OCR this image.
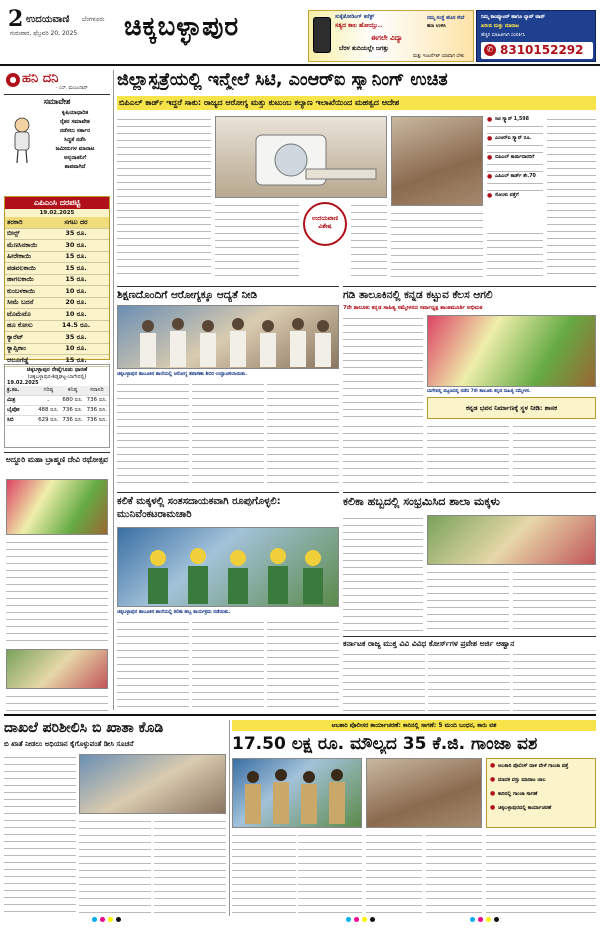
2 ಉದಯವಾಣಿ ಬೆಂಗಳೂರು
ಗುರುವಾರ, ಫೆಬ್ರವರಿ 20, 2025 ಚಿಕ್ಕಬಳ್ಳಾಪುರ	ಸುಕ್ಕೆತೋಡಿಂಗ್ ಕನೆಕ್ಟ್
ಸತ್ಯದ ಕಾಲ ಹೋಯ್ತು..
ಈಗಲೇ ವಿದ್ಯಾ
ಬೆರಳ ತುದಿಯಲ್ಲೇ ಜಗತ್ತು
ಮತ್ತು ಇಂಟರ್ನೆಟ್ ಯಾವಾಗ ಬೇಕು
ನಮ್ಮ ಸಂಸ್ಥೆ ಹೊಸ ಸೇವೆ
ಹಣ ಉಳಿಸಿ
ನಿಮ್ಮ ಕಾಂಪ್ಯೂಟರ್ ಹಾಗೂ ಲ್ಯಾಪ್ ಟಾಪ್
ಖರೀದಿ ಮತ್ತು ಮಾರಾಟ
ಹೆಚ್ಚಿನ ಮಾಹಿತಿಗಾಗಿ ಸಂಪರ್ಕಿಸಿ
✆ 8310152292
ಹನಿ ದನಿ
- ಎಸ್. ಮಂಜುನಾಥ್
ಸಮಾವೇಶ
ಕೃಷಿಯಾಧಾರಿತ
ರೈತರ ಸಮಾವೇಶ
ನಡೆಸಲು ಸರ್ಕಾರ
ಸಿದ್ಧತೆ ನಡೆಸಿ
ಜಮೀನುಗಳ ಮಾರಾಟ
ಅನ್ನದಾತನಿಗೆ
ಶಾಪವಾಗಿದೆ
ಎಪಿಎಂಸಿ ದರಪಟ್ಟಿ
19.02.2025
ತರಕಾರಿ	ಸಗಟು ದರ
ಬೀನ್ಸ್	35 ರೂ.
ಮೆಣಸಿನಕಾಯಿ	30 ರೂ.
ಹೀರೇಕಾಯಿ	15 ರೂ.
ಪಡವಲಕಾಯಿ	15 ರೂ.
ಹಾಗಲಕಾಯಿ	15 ರೂ.
ಕುಂಬಳಕಾಯಿ	10 ರೂ.
ಸೀಮೆ ಬದನೆ	20 ರೂ.
ಟೊಮೆಟೊ	10 ರೂ.
ಹೂ ಕೋಸು	14.5 ರೂ.
ಕ್ಯಾರೆಟ್	35 ರೂ.
ಕ್ಯಾಪ್ಸಿಕಾಂ	10 ರೂ.
ಆಲೂಗೆಡ್ಡೆ	15 ರೂ.
ಚಿಕ್ಕಬಳ್ಳಾಪುರ ರೇಷ್ಮೆಗೂಡು ಧಾರಣೆ
(ಚಿಕ್ಕಬಳ್ಳಾಪುರ-ಶಿಡ್ಲಘಟ್ಟ-ಬಾಗೇಪಲ್ಲಿ)
19.02.2025
ಕ್ರ.ಸಂ.	ಗರಿಷ್ಠ	ಕನಿಷ್ಠ	ಸರಾಸರಿ
ಮಿಶ್ರ	-	680 ರೂ. 736 ರೂ.
ಬೈವೋ	488 ರೂ. 736 ರೂ. 736 ರೂ.
ಸಿಬಿ	629 ರೂ. 736 ರೂ. 736 ರೂ.
ಅದ್ದೂರಿ ಮಹಾ ಬ್ರಾಹ್ಮಣಿ ದೇವಿ ರಥೋತ್ಸವ
ಜಿಲ್ಲಾಸ್ಪತ್ರೆಯಲ್ಲಿ ಇನ್ಮೇಲೆ ಸಿಟಿ, ಎಂಆರ್‌ಐ ಸ್ಕ್ಯಾನಿಂಗ್ ಉಚಿತ
ಬಿಪಿಎಲ್ ಕಾರ್ಡ್ ಇದ್ದರೆ ಸಾಕು: ರಾಜ್ಯದ ಆರೋಗ್ಯ ಮತ್ತು ಕುಟುಂಬ ಕಲ್ಯಾಣ ಇಲಾಖೆಯಿಂದ ಮಹತ್ವದ ಆದೇಶ
ಉದಯವಾಣಿ ವಿಶೇಷ
● ಸಿಟಿ ಸ್ಕ್ಯಾನ್ 1,598
● ಎಂಆರ್‌ಐ ಸ್ಕ್ಯಾನ್ ರೂ.
● ಬಿಪಿಎಲ್ ಕಾರ್ಡುದಾರರಿಗೆ
● ಎಪಿಎಲ್ ಕಾರ್ಡ್ ಶೇ.70
● ಸೋಂಕು ಪತ್ತೆಗೆ
ಶಿಕ್ಷಣದೊಂದಿಗೆ ಆರೋಗ್ಯಕ್ಕೂ ಆದ್ಯತೆ ನೀಡಿ
ಚಿಕ್ಕಬಳ್ಳಾಪುರ ತಾಲೂಕಿನ ಶಾಲೆಯಲ್ಲಿ ಆರೋಗ್ಯ ತಪಾಸಣಾ ಶಿಬಿರ ಉದ್ಘಾಟಿಸಲಾಯಿತು.
ಗಡಿ ತಾಲೂಕಿನಲ್ಲಿ ಕನ್ನಡ ಕಟ್ಟುವ ಕೆಲಸ ಆಗಲಿ
7ನೇ ತಾಲೂಕು ಕನ್ನಡ ಸಾಹಿತ್ಯ ಸಮ್ಮೇಳನದ ಸರ್ವಾಧ್ಯಕ್ಷ ಶಾಂತಮೂರ್ತಿ ಅಭಿಮತ
ಬಾಗೇಪಲ್ಲಿ ಪಟ್ಟಣದಲ್ಲಿ ನಡೆದ 7ನೇ ತಾಲೂಕು ಕನ್ನಡ ಸಾಹಿತ್ಯ ಸಮ್ಮೇಳನ.
ಕನ್ನಡ ಭವನ ನಿರ್ಮಾಣಕ್ಕೆ ಸ್ಥಳ ನೀಡಿ: ಶಾಸಕ
ಕಲಿಕೆ ಮಕ್ಕಳಲ್ಲಿ ಸಂತಸದಾಯಕವಾಗಿ ರೂಪುಗೊಳ್ಳಲಿ: ಮುನಿವೆಂಕಟರಾಮಚಾರಿ
ಚಿಕ್ಕಬಳ್ಳಾಪುರ ತಾಲೂಕಿನ ಶಾಲೆಯಲ್ಲಿ ಕಲಿಕಾ ಹಬ್ಬ ಕಾರ್ಯಕ್ರಮ ನಡೆಯಿತು.
ಕಲಿಕಾ ಹಬ್ಬದಲ್ಲಿ ಸಂಭ್ರಮಿಸಿದ ಶಾಲಾ ಮಕ್ಕಳು
ಕರ್ನಾಟಕ ರಾಜ್ಯ ಮುಕ್ತ ವಿವಿ ವಿವಿಧ ಕೋರ್ಸ್‌ಗಳ ಪ್ರವೇಶ ಅರ್ಜಿ ಆಹ್ವಾನ
ದಾಖಲೆ ಪರಿಶೀಲಿಸಿ ಬಿ ಖಾತಾ ಕೊಡಿ
ಬಿ ಖಾತೆ ನೀಡಲು ಅಧಿಯಾನ ಕೈಗೊಳ್ಳುವಂತೆ ಡೀಸಿ ಸೂಚನೆ
ಅಬಕಾರಿ ಪೊಲೀಸರ ಕಾರ್ಯಾಚರಣೆ: ಕಾರಿನಲ್ಲಿ ಸಾಗಣೆ: 5 ಮಂದಿ ಬಂಧನ, ಕಾರು ವಶ
17.50 ಲಕ್ಷ ರೂ. ಮೌಲ್ಯದ 35 ಕೆ.ಜಿ. ಗಾಂಜಾ ವಶ
● ಅಬಕಾರಿ ಪೊಲೀಸ್ ದಾಳಿ ವೇಳೆ ಗಾಂಜಾ ಪತ್ತೆ
● ಮಾದಕ ವಸ್ತು ಮಾರಾಟ ಜಾಲ
● ಕಾರಿನಲ್ಲಿ ಗಾಂಜಾ ಸಾಗಣೆ
● ಚಿಕ್ಕಬಳ್ಳಾಪುರದಲ್ಲಿ ಕಾರ್ಯಾಚರಣೆ
